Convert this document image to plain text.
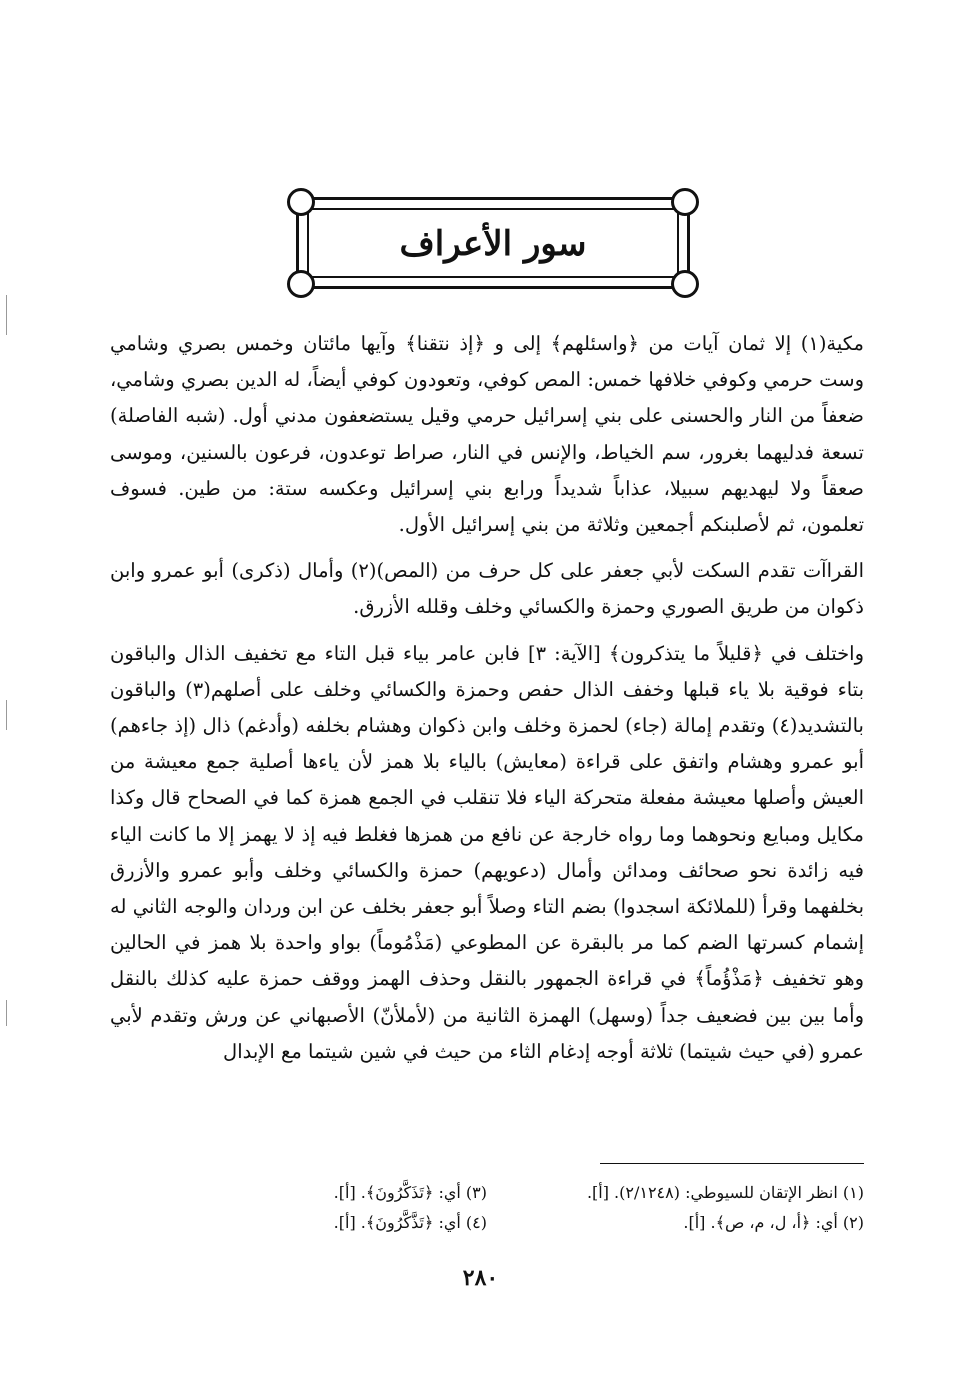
سور الأعراف

مكية(١) إلا ثمان آيات من ﴿واسئلهم﴾ إلى و ﴿إذ نتقنا﴾ وآيها مائتان وخمس بصري وشامي وست حرمي وكوفي خلافها خمس: المص كوفي، وتعودون كوفي أيضاً، له الدين بصري وشامي، ضعفاً من النار والحسنى على بني إسرائيل حرمي وقيل يستضعفون مدني أول. (شبه الفاصلة) تسعة فدليهما بغرور، سم الخياط، والإنس في النار، صراط توعدون، فرعون بالسنين، وموسى صعقاً ولا ليهديهم سبيلا، عذاباً شديداً ورابع بني إسرائيل وعكسه ستة: من طين. فسوف تعلمون، ثم لأصلبنكم أجمعين وثلاثة من بني إسرائيل الأول.

القراآت تقدم السكت لأبي جعفر على كل حرف من (المص)(٢) وأمال (ذكرى) أبو عمرو وابن ذكوان من طريق الصوري وحمزة والكسائي وخلف وقلله الأزرق.

واختلف في ﴿قليلاً ما يتذكرون﴾ [الآية: ٣] فابن عامر بياء قبل التاء مع تخفيف الذال والباقون بتاء فوقية بلا ياء قبلها وخفف الذال حفص وحمزة والكسائي وخلف على أصلهم(٣) والباقون بالتشديد(٤) وتقدم إمالة (جاء) لحمزة وخلف وابن ذكوان وهشام بخلفه (وأدغم) ذال (إذ جاءهم) أبو عمرو وهشام واتفق على قراءة (معايش) بالياء بلا همز لأن ياءها أصلية جمع معيشة من العيش وأصلها معيشة مفعلة متحركة الياء فلا تنقلب في الجمع همزة كما في الصحاح قال وكذا مكايل ومبايع ونحوهما وما رواه خارجة عن نافع من همزها فغلط فيه إذ لا يهمز إلا ما كانت الياء فيه زائدة نحو صحائف ومدائن وأمال (دعويهم) حمزة والكسائي وخلف وأبو عمرو والأزرق بخلفهما وقرأ (للملائكة اسجدوا) بضم التاء وصلاً أبو جعفر بخلف عن ابن وردان والوجه الثاني له إشمام كسرتها الضم كما مر بالبقرة عن المطوعي (مَذْمُوماً) بواو واحدة بلا همز في الحالين وهو تخفيف ﴿مَذْؤُماً﴾ في قراءة الجمهور بالنقل وحذف الهمز ووقف حمزة عليه كذلك بالنقل وأما بين بين فضعيف جداً (وسهل) الهمزة الثانية من (لأملأنّ) الأصبهاني عن ورش وتقدم لأبي عمرو (في حيث شيتما) ثلاثة أوجه إدغام الثاء من حيث في شين شيتما مع الإبدال

(١) انظر الإتقان للسيوطي: (٢/١٢٤٨). [أ].
(٣) أي: ﴿تَذَكَّرُونَ﴾. [أ].
(٢) أي: ﴿أ، ل، م، ص﴾. [أ].
(٤) أي: ﴿تَذَّكَّرُونَ﴾. [أ].
٢٨٠
